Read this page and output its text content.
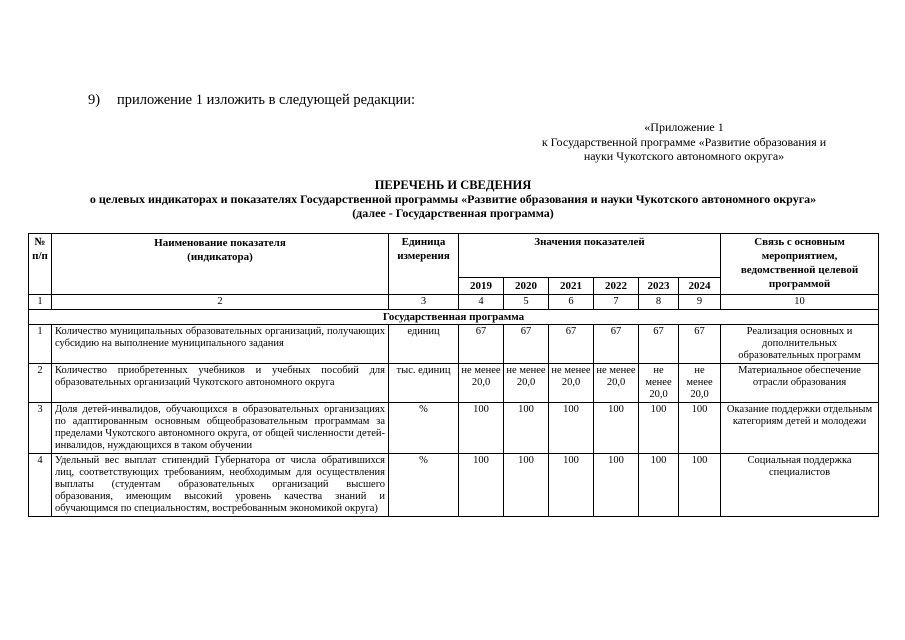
9) приложение 1 изложить в следующей редакции:
«Приложение 1
к Государственной программе «Развитие образования и
науки Чукотского автономного округа»
ПЕРЕЧЕНЬ И СВЕДЕНИЯ
о целевых индикаторах и показателях Государственной программы «Развитие образования и науки Чукотского автономного округа»
(далее - Государственная программа)
№ п/п	Наименование показателя (индикатора)	Единица измерения	Значения показателей						Связь с основным мероприятием, ведомственной целевой программой
			2019	2020	2021	2022	2023	2024	
1	2	3	4	5	6	7	8	9	10
Государственная программа									
1	Количество муниципальных образовательных организаций, получающих субсидию на выполнение муниципального задания	единиц	67	67	67	67	67	67	Реализация основных и дополнительных образовательных программ
2	Количество приобретенных учебников и учебных пособий для образовательных организаций Чукотского автономного округа	тыс. единиц	не менее 20,0	не менее 20,0	не менее 20,0	не менее 20,0	не менее 20,0	не менее 20,0	Материальное обеспечение отрасли образования
3	Доля детей-инвалидов, обучающихся в образовательных организациях по адаптированным основным общеобразовательным программам за пределами Чукотского автономного округа, от общей численности детей-инвалидов, нуждающихся в таком обучении	%	100	100	100	100	100	100	Оказание поддержки отдельным категориям детей и молодежи
4	Удельный вес выплат стипендий Губернатора от числа обратившихся лиц, соответствующих требованиям, необходимым для осуществления выплаты (студентам образовательных организаций высшего образования, имеющим высокий уровень качества знаний и обучающимся по специальностям, востребованным экономикой округа)	%	100	100	100	100	100	100	Социальная поддержка специалистов
